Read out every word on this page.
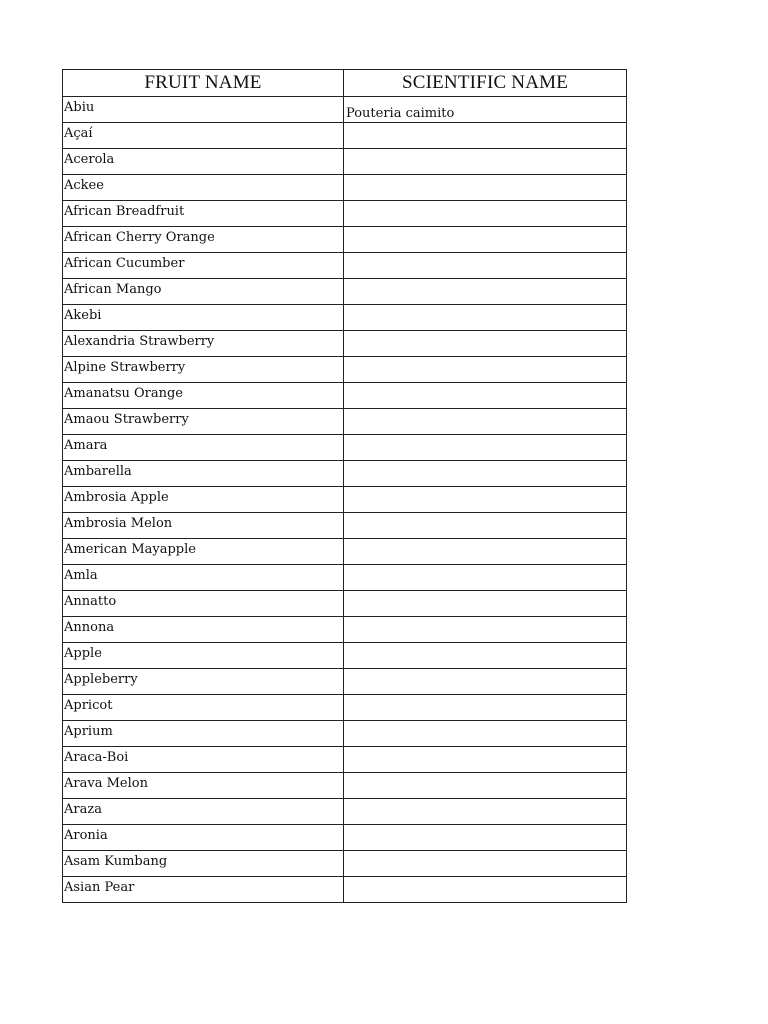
FRUIT NAME	SCIENTIFIC NAME
Abiu	Pouteria caimito
Açaí	
Acerola	
Ackee	
African Breadfruit	
African Cherry Orange	
African Cucumber	
African Mango	
Akebi	
Alexandria Strawberry	
Alpine Strawberry	
Amanatsu Orange	
Amaou Strawberry	
Amara	
Ambarella	
Ambrosia Apple	
Ambrosia Melon	
American Mayapple	
Amla	
Annatto	
Annona	
Apple	
Appleberry	
Apricot	
Aprium	
Araca-Boi	
Arava Melon	
Araza	
Aronia	
Asam Kumbang	
Asian Pear	
